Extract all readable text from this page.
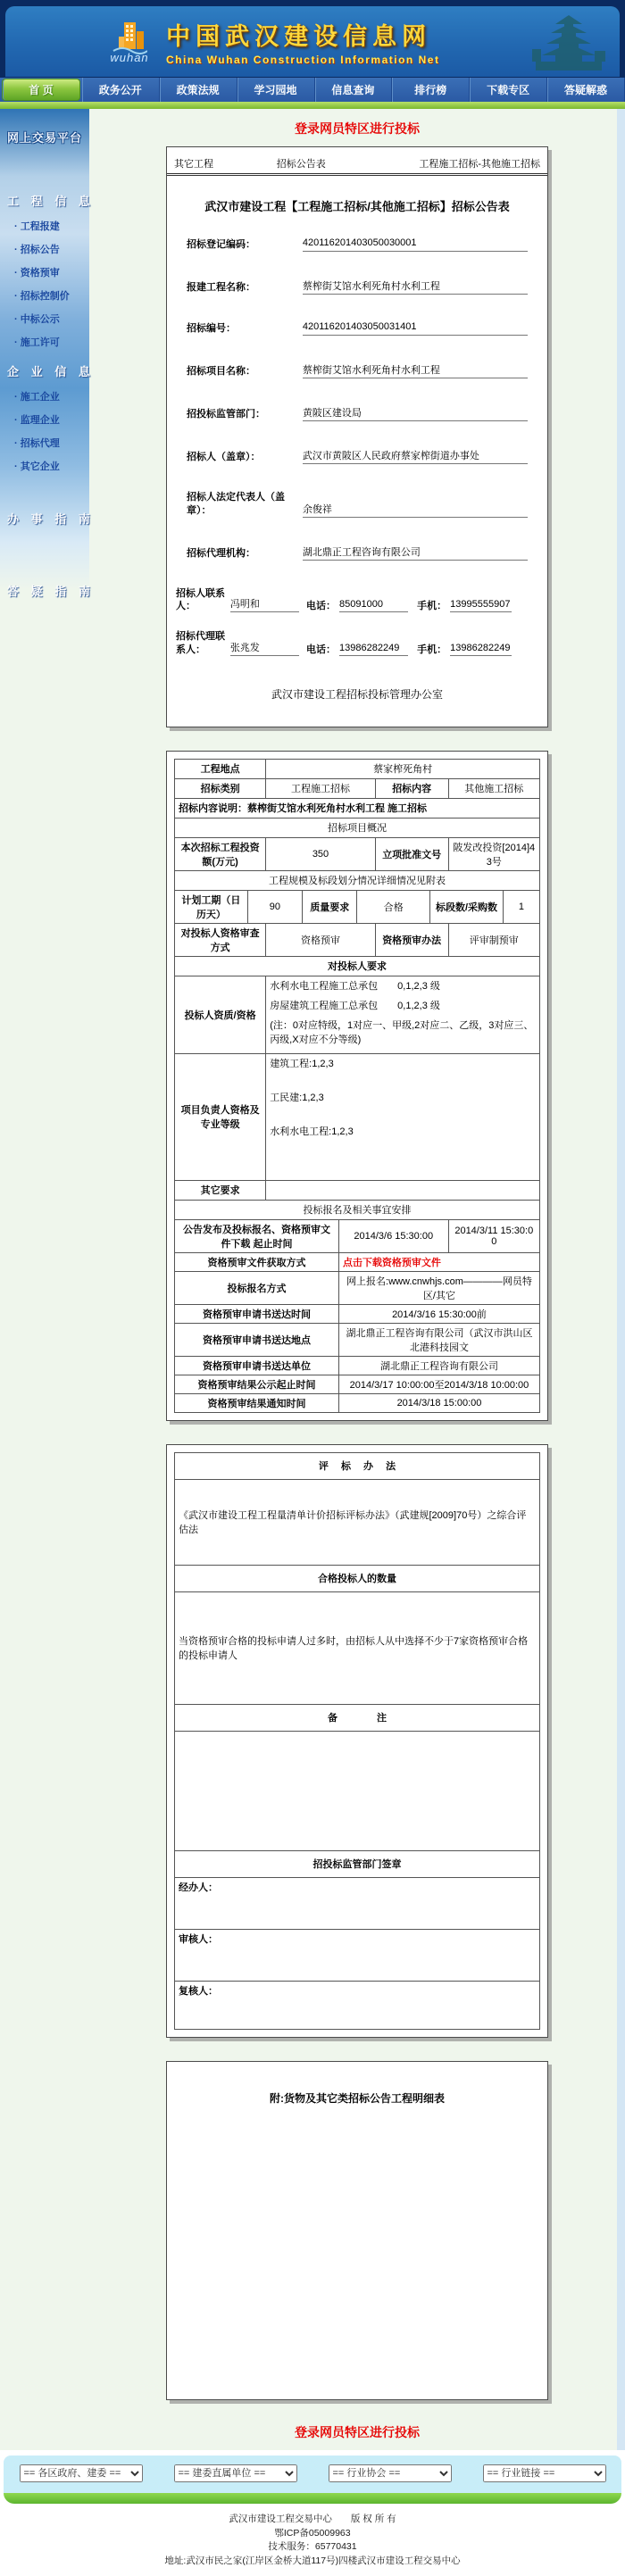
wuhan
中国武汉建设信息网
China Wuhan Construction Information Net
首 页	政务公开	政策法规	学习园地	信息查询	排行榜	下载专区	答疑解惑
网上交易平台
工 程 信 息
· 工程报建
· 招标公告
· 资格预审
· 招标控制价
· 中标公示
· 施工许可
企 业 信 息
· 施工企业
· 监理企业
· 招标代理
· 其它企业
办 事 指 南
答 疑 指 南
登录网员特区进行投标
其它工程	招标公告表	工程施工招标-其他施工招标
武汉市建设工程【工程施工招标/其他施工招标】招标公告表
招标登记编码：	420116201403050030001
报建工程名称：	蔡榨街艾馆水利死角村水利工程
招标编号：	420116201403050031401
招标项目名称：	蔡榨街艾馆水利死角村水利工程
招投标监管部门：	黄陂区建设局
招标人（盖章）：	武汉市黄陂区人民政府蔡家榨街道办事处
招标人法定代表人（盖章）：	余俊祥
招标代理机构：	湖北鼎正工程咨询有限公司
招标人联系人：	冯明和	电话： 85091000	手机： 13995555907
招标代理联系人：	张兆发	电话： 13986282249	手机： 13986282249
武汉市建设工程招标投标管理办公室
工程地点		蔡家榨死角村							
招标类别		工程施工招标				招标内容		其他施工招标	
招标内容说明：蔡榨街艾馆水利死角村水利工程 施工招标									
招标项目概况									
本次招标工程投资额(万元)		350				立项批准文号		陂发改投资[2014]43号	
工程规模及标段划分情况详细情况见附表									
计划工期（日历天）	90		质量要求		合格		标段数/采购数		1
对投标人资格审查方式		资格预审				资格预审办法		评审制预审	
对投标人要求									
投标人资质/资格		水利水电工程施工总承包　　0,1,2,3 级
房屋建筑工程施工总承包　　0,1,2,3 级
(注：0对应特级，1对应一、甲级,2对应二、乙级，3对应三、丙级,X对应不分等级)							

项目负责人资格及专业等级		建筑工程:1,2,3
工民建:1,2,3
水利水电工程:1,2,3							

其它要求									
投标报名及相关事宜安排									
公告发布及投标报名、资格预审文件下载 起止时间				2014/3/6 15:30:00				2014/3/11 15:30:00	
资格预审文件获取方式				点击下载资格预审文件					
投标报名方式				网上报名:www.cnwhjs.com————网员特区/其它					
资格预审申请书送达时间				2014/3/16 15:30:00前					
资格预审申请书送达地点				湖北鼎正工程咨询有限公司（武汉市洪山区北港科技园文					
资格预审申请书送达单位				湖北鼎正工程咨询有限公司					
资格预审结果公示起止时间				2014/3/17 10:00:00至2014/3/18 10:00:00					
资格预审结果通知时间				2014/3/18 15:00:00					
评　 标　 办　 法
《武汉市建设工程工程量清单计价招标评标办法》（武建规[2009]70号）之综合评估法
合格投标人的数量
当资格预审合格的投标申请人过多时，由招标人从中选择不少于7家资格预审合格的投标申请人
备　　　　注

招投标监管部门签章
经办人：
审核人：
复核人：
附:货物及其它类招标公告工程明细表
登录网员特区进行投标
== 各区政府、建委 ==
== 建委直属单位 ==
== 行业协会 ==
== 行业链接 ==
武汉市建设工程交易中心　　版 权 所 有
鄂ICP备05009963
技术服务：65770431
地址:武汉市民之家(江岸区金桥大道117号)四楼武汉市建设工程交易中心
